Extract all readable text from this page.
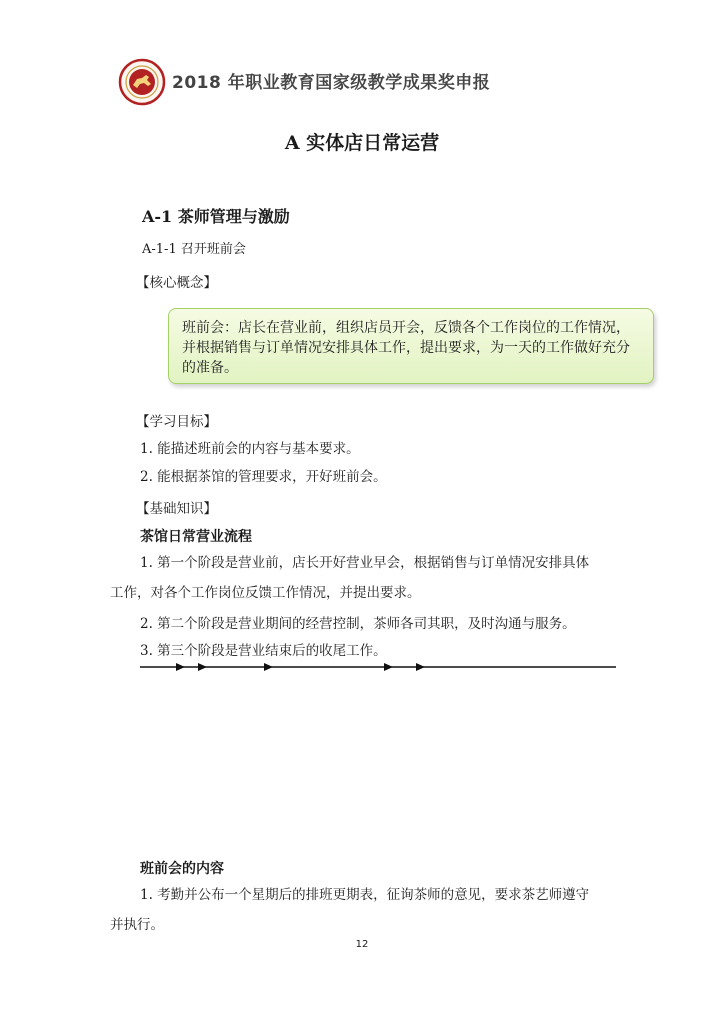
2018 年职业教育国家级教学成果奖申报
A 实体店日常运营
A-1 茶师管理与激励
A-1-1 召开班前会
【核心概念】
班前会：店长在营业前，组织店员开会，反馈各个工作岗位的工作情况，
并根据销售与订单情况安排具体工作，提出要求，为一天的工作做好充分
的准备。
【学习目标】
1. 能描述班前会的内容与基本要求。
2. 能根据茶馆的管理要求，开好班前会。
【基础知识】
茶馆日常营业流程
1. 第一个阶段是营业前，店长开好营业早会，根据销售与订单情况安排具体
工作，对各个工作岗位反馈工作情况，并提出要求。
2. 第二个阶段是营业期间的经营控制，茶师各司其职，及时沟通与服务。
3. 第三个阶段是营业结束后的收尾工作。
班前会的内容
1. 考勤并公布一个星期后的排班更期表，征询茶师的意见，要求茶艺师遵守
并执行。
12
